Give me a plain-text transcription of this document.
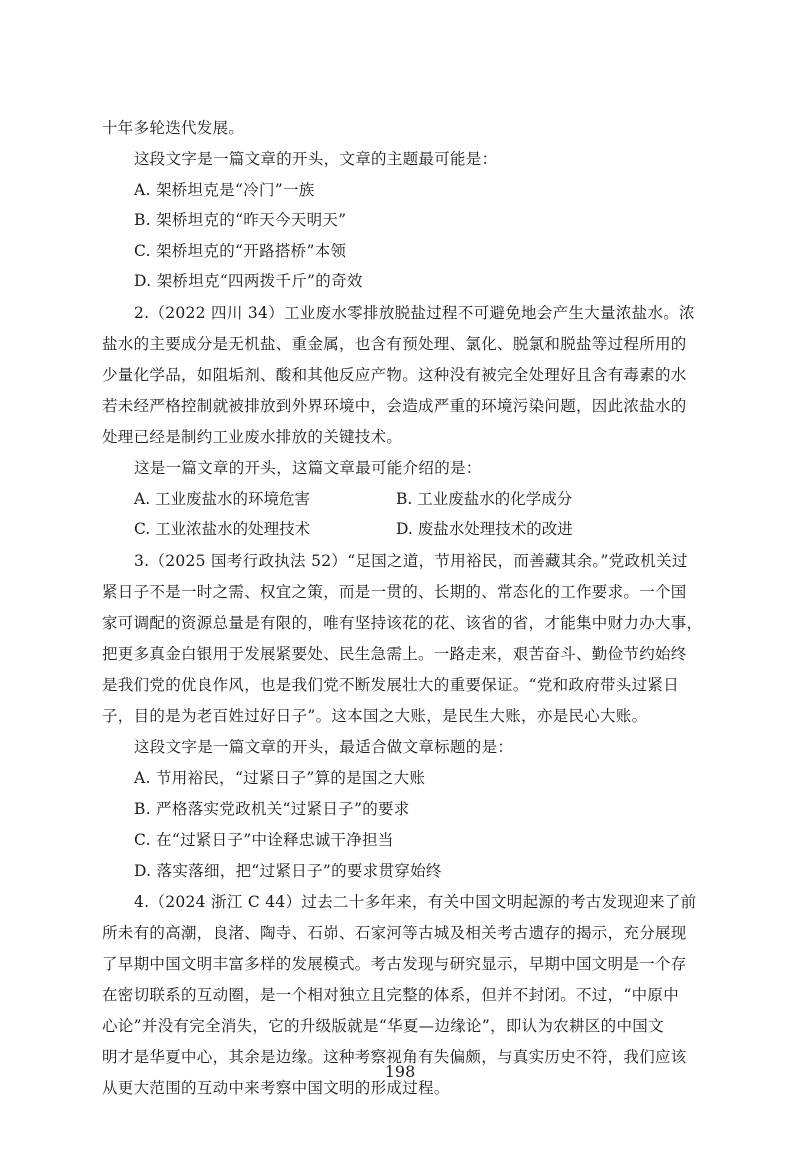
十年多轮迭代发展。
这段文字是一篇文章的开头，文章的主题最可能是：
A. 架桥坦克是“冷门”一族
B. 架桥坦克的“昨天今天明天”
C. 架桥坦克的“开路搭桥”本领
D. 架桥坦克“四两拨千斤”的奇效
2.（2022 四川 34）工业废水零排放脱盐过程不可避免地会产生大量浓盐水。浓
盐水的主要成分是无机盐、重金属，也含有预处理、氯化、脱氯和脱盐等过程所用的
少量化学品，如阻垢剂、酸和其他反应产物。这种没有被完全处理好且含有毒素的水
若未经严格控制就被排放到外界环境中，会造成严重的环境污染问题，因此浓盐水的
处理已经是制约工业废水排放的关键技术。
这是一篇文章的开头，这篇文章最可能介绍的是：
A. 工业废盐水的环境危害	B. 工业废盐水的化学成分
C. 工业浓盐水的处理技术	D. 废盐水处理技术的改进
3.（2025 国考行政执法 52）“足国之道，节用裕民，而善藏其余。”党政机关过
紧日子不是一时之需、权宜之策，而是一贯的、长期的、常态化的工作要求。一个国
家可调配的资源总量是有限的，唯有坚持该花的花、该省的省，才能集中财力办大事，
把更多真金白银用于发展紧要处、民生急需上。一路走来，艰苦奋斗、勤俭节约始终
是我们党的优良作风，也是我们党不断发展壮大的重要保证。“党和政府带头过紧日
子，目的是为老百姓过好日子”。这本国之大账，是民生大账，亦是民心大账。
这段文字是一篇文章的开头，最适合做文章标题的是：
A. 节用裕民，“过紧日子”算的是国之大账
B. 严格落实党政机关“过紧日子”的要求
C. 在“过紧日子”中诠释忠诚干净担当
D. 落实落细，把“过紧日子”的要求贯穿始终
4.（2024 浙江 C 44）过去二十多年来，有关中国文明起源的考古发现迎来了前
所未有的高潮，良渚、陶寺、石峁、石家河等古城及相关考古遗存的揭示，充分展现
了早期中国文明丰富多样的发展模式。考古发现与研究显示，早期中国文明是一个存
在密切联系的互动圈，是一个相对独立且完整的体系，但并不封闭。不过，“中原中
心论”并没有完全消失，它的升级版就是“华夏—边缘论”，即认为农耕区的中国文
明才是华夏中心，其余是边缘。这种考察视角有失偏颇，与真实历史不符，我们应该
从更大范围的互动中来考察中国文明的形成过程。
198
